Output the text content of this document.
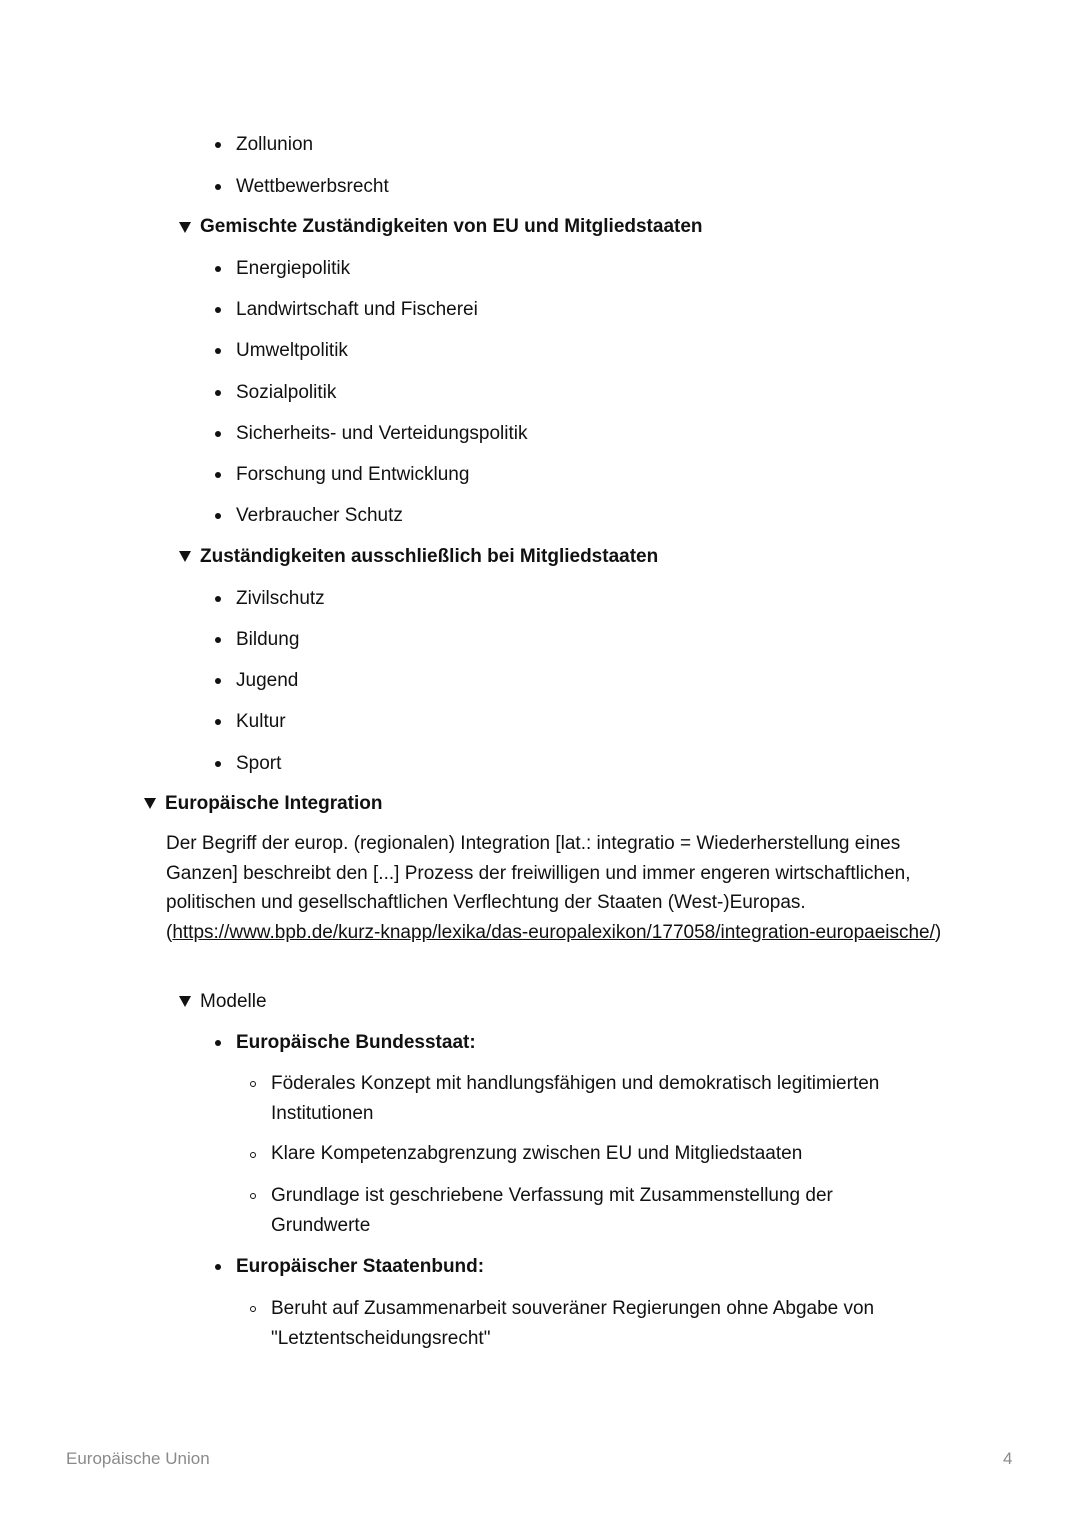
Zollunion
Wettbewerbsrecht
Gemischte Zuständigkeiten von EU und Mitgliedstaaten
Energiepolitik
Landwirtschaft und Fischerei
Umweltpolitik
Sozialpolitik
Sicherheits- und Verteidungspolitik
Forschung und Entwicklung
Verbraucher Schutz
Zuständigkeiten ausschließlich bei Mitgliedstaaten
Zivilschutz
Bildung
Jugend
Kultur
Sport
Europäische Integration
Der Begriff der europ. (regionalen) Integration [lat.: integratio = Wiederherstellung eines Ganzen] beschreibt den [...] Prozess der freiwilligen und immer engeren wirtschaftlichen, politischen und gesellschaftlichen Verflechtung der Staaten (West-)Europas. (https://www.bpb.de/kurz-knapp/lexika/das-europalexikon/177058/integration-europaeische/)
Modelle
Europäische Bundesstaat:
Föderales Konzept mit handlungsfähigen und demokratisch legitimierten Institutionen
Klare Kompetenzabgrenzung zwischen EU und Mitgliedstaaten
Grundlage ist geschriebene Verfassung mit Zusammenstellung der Grundwerte
Europäischer Staatenbund:
Beruht auf Zusammenarbeit souveräner Regierungen ohne Abgabe von "Letztentscheidungsrecht"
Europäische Union	4
